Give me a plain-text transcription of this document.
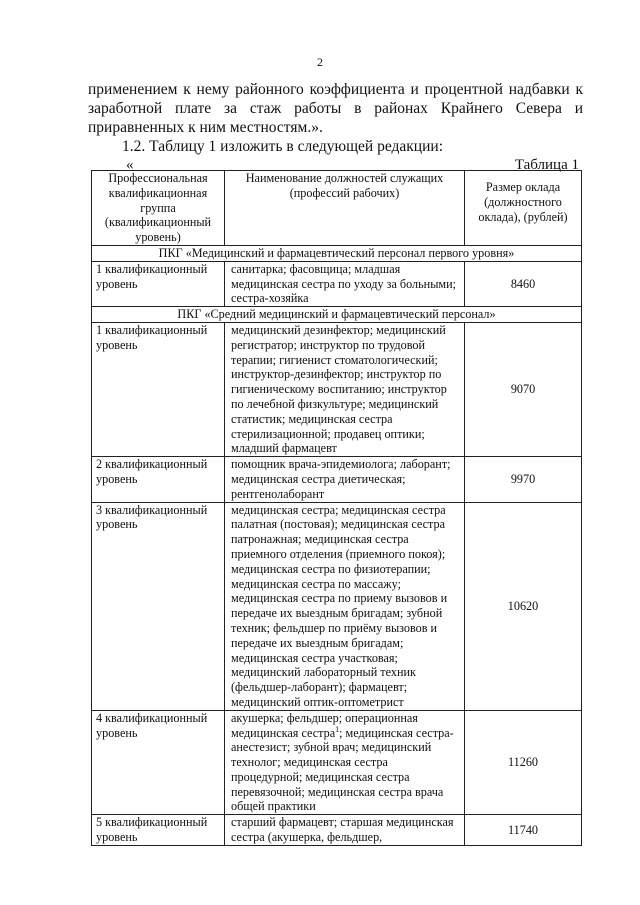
2
применением к нему районного коэффициента и процентной надбавки к
заработной плате за стаж работы в районах Крайнего Севера и
приравненных к ним местностям.».
1.2. Таблицу 1 изложить в следующей редакции:
«	Таблица 1
Профессиональная квалификационная группа (квалификационный уровень)	Наименование должностей служащих (профессий рабочих)	Размер оклада (должностного оклада), (рублей)
ПКГ «Медицинский и фармацевтический персонал первого уровня»		
1 квалификационный уровень	санитарка; фасовщица; младшая медицинская сестра по уходу за больными; сестра-хозяйка	8460
ПКГ «Средний медицинский и фармацевтический персонал»		
1 квалификационный уровень	медицинский дезинфектор; медицинский регистратор; инструктор по трудовой терапии; гигиенист стоматологический; инструктор-дезинфектор; инструктор по гигиеническому воспитанию; инструктор по лечебной физкультуре; медицинский статистик; медицинская сестра стерилизационной; продавец оптики; младший фармацевт	9070
2 квалификационный уровень	помощник врача-эпидемиолога; лаборант; медицинская сестра диетическая; рентгенолаборант	9970
3 квалификационный уровень	медицинская сестра; медицинская сестра палатная (постовая); медицинская сестра патронажная; медицинская сестра приемного отделения (приемного покоя); медицинская сестра по физиотерапии; медицинская сестра по массажу; медицинская сестра по приему вызовов и передаче их выездным бригадам; зубной техник; фельдшер по приёму вызовов и передаче их выездным бригадам; медицинская сестра участковая; медицинский лабораторный техник (фельдшер-лаборант); фармацевт; медицинский оптик-оптометрист	10620
4 квалификационный уровень	акушерка; фельдшер; операционная медицинская сестра$^1$; медицинская сестра-анестезист; зубной врач; медицинский технолог; медицинская сестра процедурной; медицинская сестра перевязочной; медицинская сестра врача общей практики	11260
5 квалификационный уровень	старший фармацевт; старшая медицинская сестра (акушерка, фельдшер,	11740
